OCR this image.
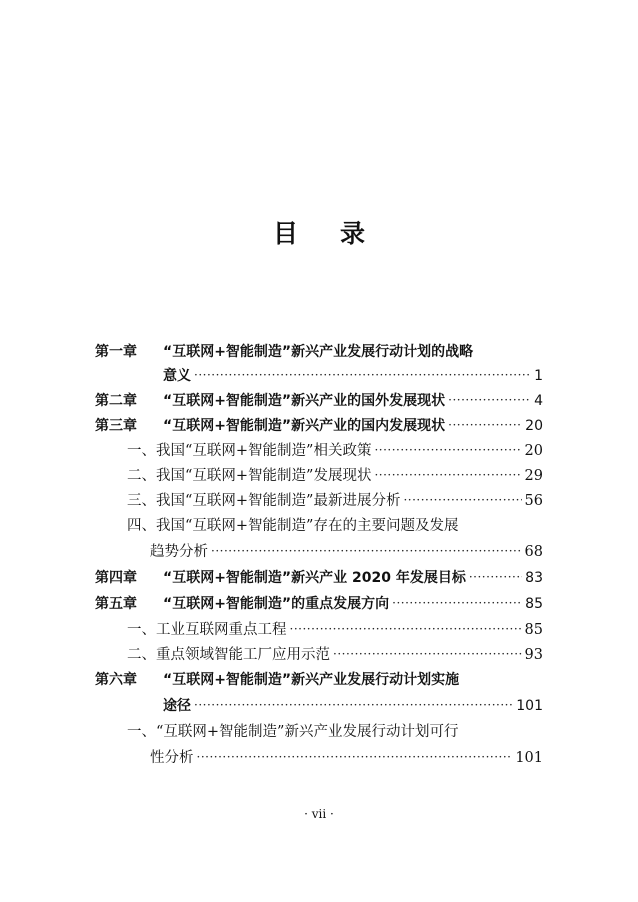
目 录
第一章 “互联网+智能制造”新兴产业发展行动计划的战略
意义 ·····	1
第二章	“互联网+智能制造”新兴产业的国外发展现状 ·····	4
第三章	“互联网+智能制造”新兴产业的国内发展现状 ·····	20
一、我国“互联网+智能制造”相关政策 ·····	20
二、我国“互联网+智能制造”发展现状 ·····	29
三、我国“互联网+智能制造”最新进展分析 ·····	56
四、我国“互联网+智能制造”存在的主要问题及发展
趋势分析 ·····	68
第四章	“互联网+智能制造”新兴产业 2020 年发展目标 ·····	83
第五章	“互联网+智能制造”的重点发展方向 ·····	85
一、工业互联网重点工程 ·····	85
二、重点领域智能工厂应用示范 ·····	93
第六章 “互联网+智能制造”新兴产业发展行动计划实施
途径 ·····	101
一、“互联网+智能制造”新兴产业发展行动计划可行
性分析 ·····	101
· vii ·
